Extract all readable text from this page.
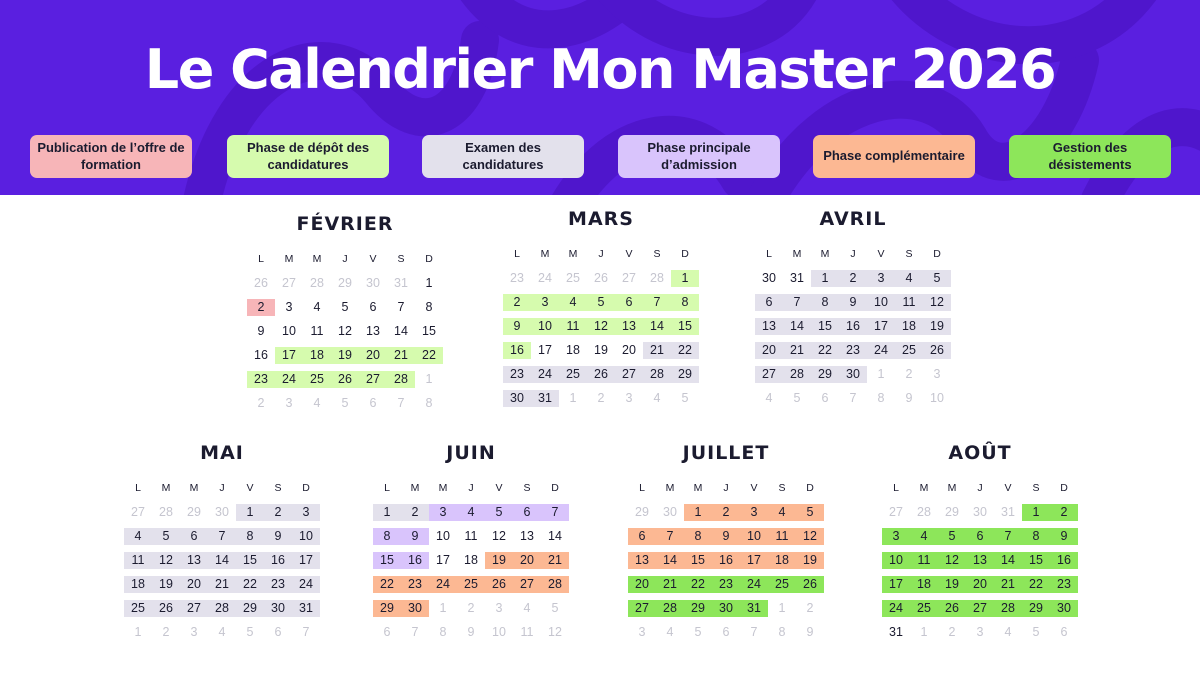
Le Calendrier Mon Master 2026
Publication de l’offre de formation
Phase de dépôt des candidatures
Examen des candidatures
Phase principale d’admission
Phase complémentaire
Gestion des désistements
FÉVRIER
L	M	M	J	V	S	D
26	27	28	29	30	31	1
2	3	4	5	6	7	8
9	10	11	12	13	14	15
16	17	18	19	20	21	22
23	24	25	26	27	28	1
2	3	4	5	6	7	8
MARS
L	M	M	J	V	S	D
23	24	25	26	27	28	1
2	3	4	5	6	7	8
9	10	11	12	13	14	15
16	17	18	19	20	21	22
23	24	25	26	27	28	29
30	31	1	2	3	4	5
AVRIL
L	M	M	J	V	S	D
30	31	1	2	3	4	5
6	7	8	9	10	11	12
13	14	15	16	17	18	19
20	21	22	23	24	25	26
27	28	29	30	1	2	3
4	5	6	7	8	9	10
MAI
L	M	M	J	V	S	D
27	28	29	30	1	2	3
4	5	6	7	8	9	10
11	12	13	14	15	16	17
18	19	20	21	22	23	24
25	26	27	28	29	30	31
1	2	3	4	5	6	7
JUIN
L	M	M	J	V	S	D
1	2	3	4	5	6	7
8	9	10	11	12	13	14
15	16	17	18	19	20	21
22	23	24	25	26	27	28
29	30	1	2	3	4	5
6	7	8	9	10	11	12
JUILLET
L	M	M	J	V	S	D
29	30	1	2	3	4	5
6	7	8	9	10	11	12
13	14	15	16	17	18	19
20	21	22	23	24	25	26
27	28	29	30	31	1	2
3	4	5	6	7	8	9
AOÛT
L	M	M	J	V	S	D
27	28	29	30	31	1	2
3	4	5	6	7	8	9
10	11	12	13	14	15	16
17	18	19	20	21	22	23
24	25	26	27	28	29	30
31	1	2	3	4	5	6
